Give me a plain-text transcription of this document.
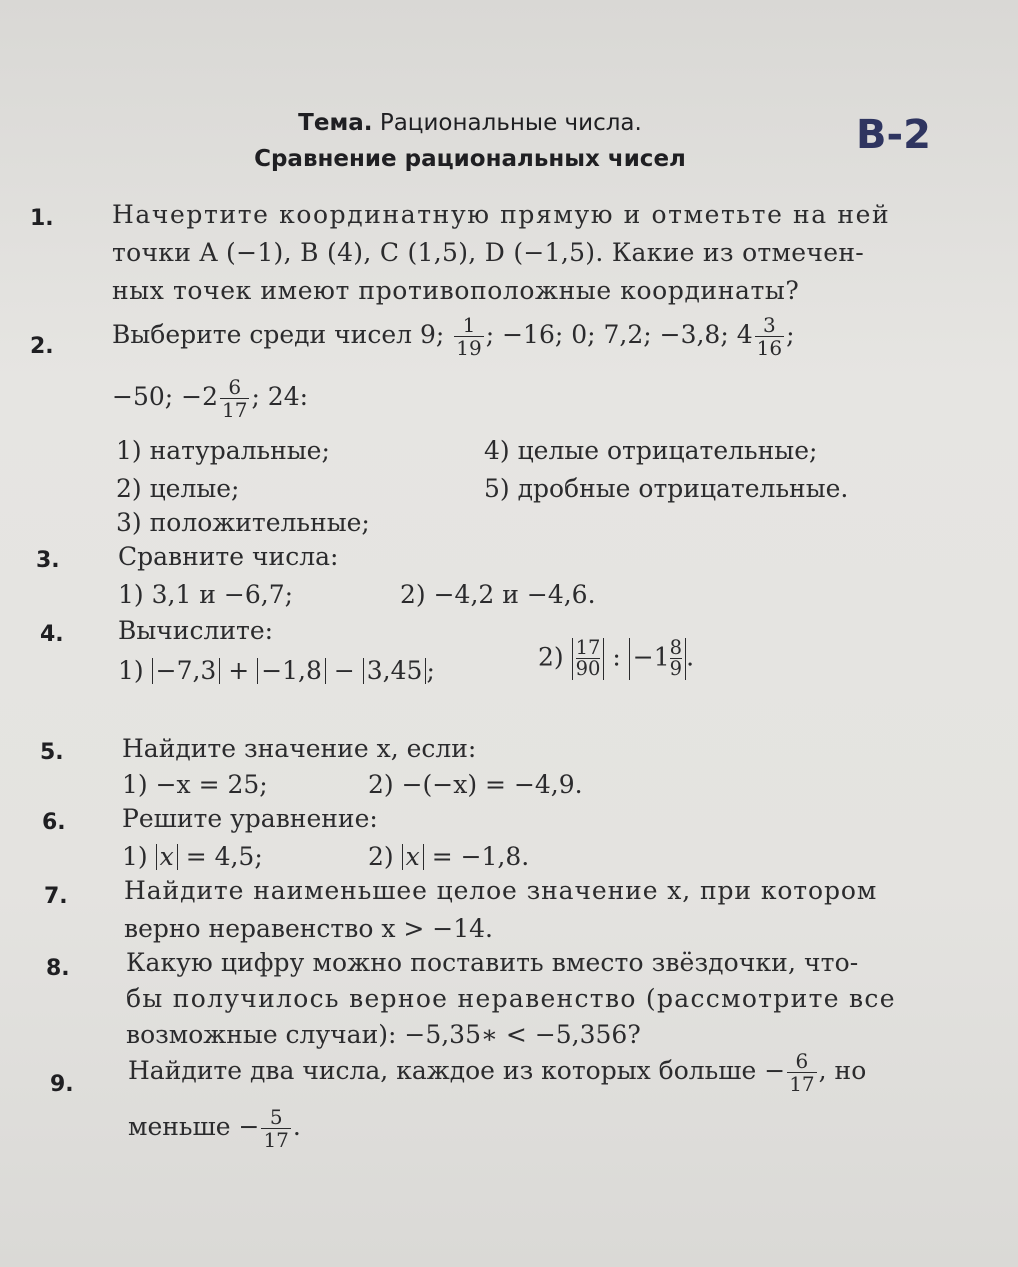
Тема. Рациональные числа.
Сравнение рациональных чисел
В-2
1. Начертите координатную прямую и отметьте на ней
точки A (−1), B (4), C (1,5), D (−1,5). Какие из отмечен-
ных точек имеют противоположные координаты?
2. Выберите среди чисел 9; $\frac{1}{19}$ ; −16; 0; 7,2; −3,8; $4 \frac{3}{16}$ ;
−50; $-2 \frac{6}{17}$ ; 24:
1) натуральные;
2) целые;
3) положительные;
4) целые отрицательные;
5) дробные отрицательные.
3. Сравните числа:
1) 3,1 и −6,7;	2) −4,2 и −4,6.
4. Вычислите:
1) −7,3 + −1,8 − 3,45 ;	$2) \frac{17}{90}$ : $-1 \frac{8}{9}$ .
5. Найдите значение x, если:
1) −x = 25;	2) −(−x) = −4,9.
6. Решите уравнение:
1) x = 4,5;	2) x = −1,8.
7. Найдите наименьшее целое значение x, при котором
верно неравенство x > −14.
8. Какую цифру можно поставить вместо звёздочки, что-
бы получилось верное неравенство (рассмотрите все
возможные случаи): −5,35∗ < −5,356?
9. Найдите два числа, каждое из которых больше − $\frac{6}{17}$ , но
меньше − $\frac{5}{17}$ .
